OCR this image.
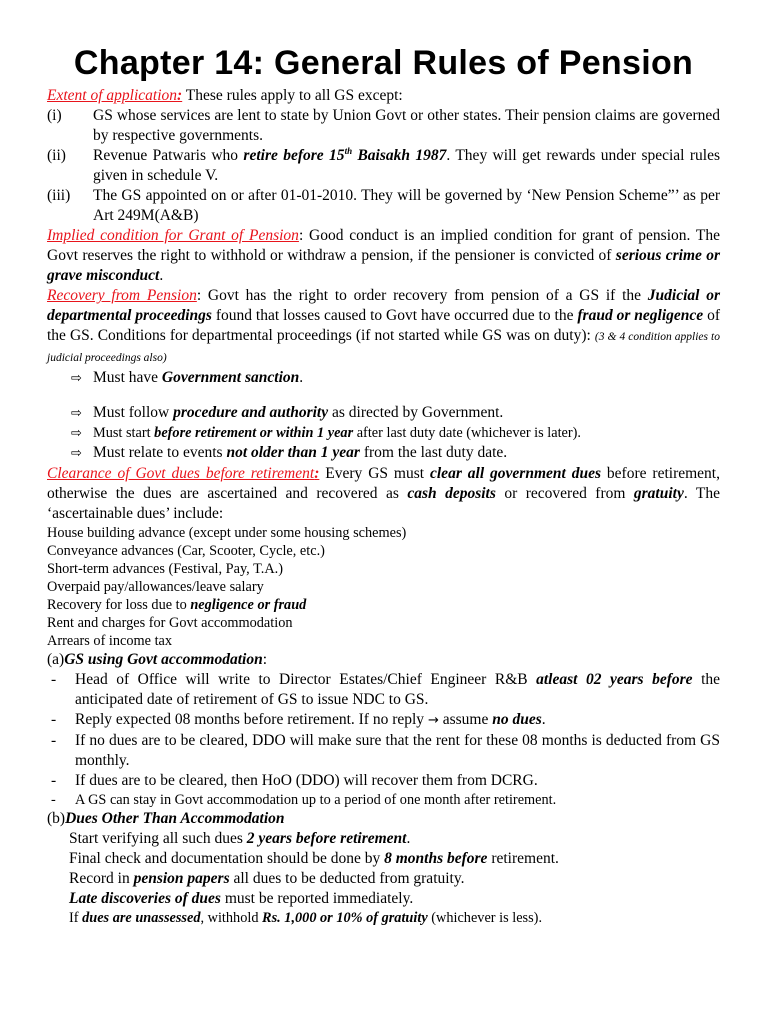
Chapter 14: General Rules of Pension
Extent of application: These rules apply to all GS except:
(i)	GS whose services are lent to state by Union Govt or other states. Their pension claims are governed by respective governments.
(ii)	Revenue Patwaris who retire before 15th Baisakh 1987. They will get rewards under special rules given in schedule V.
(iii)	The GS appointed on or after 01-01-2010. They will be governed by ‘New Pension Scheme”’ as per Art 249M(A&B)
Implied condition for Grant of Pension: Good conduct is an implied condition for grant of pension. The Govt reserves the right to withhold or withdraw a pension, if the pensioner is convicted of serious crime or grave misconduct.
Recovery from Pension: Govt has the right to order recovery from pension of a GS if the Judicial or departmental proceedings found that losses caused to Govt have occurred due to the fraud or negligence of the GS. Conditions for departmental proceedings (if not started while GS was on duty): (3 & 4 condition applies to judicial proceedings also)
⇨ Must have Government sanction.
⇨ Must follow procedure and authority as directed by Government.
⇨ Must start before retirement or within 1 year after last duty date (whichever is later).
⇨ Must relate to events not older than 1 year from the last duty date.
Clearance of Govt dues before retirement: Every GS must clear all government dues before retirement, otherwise the dues are ascertained and recovered as cash deposits or recovered from gratuity. The ‘ascertainable dues’ include:
House building advance (except under some housing schemes)
Conveyance advances (Car, Scooter, Cycle, etc.)
Short-term advances (Festival, Pay, T.A.)
Overpaid pay/allowances/leave salary
Recovery for loss due to negligence or fraud
Rent and charges for Govt accommodation
Arrears of income tax
(a)GS using Govt accommodation:
-	Head of Office will write to Director Estates/Chief Engineer R&B atleast 02 years before the anticipated date of retirement of GS to issue NDC to GS.
-	Reply expected 08 months before retirement. If no reply → assume no dues.
-	If no dues are to be cleared, DDO will make sure that the rent for these 08 months is deducted from GS monthly.
-	If dues are to be cleared, then HoO (DDO) will recover them from DCRG.
-	A GS can stay in Govt accommodation up to a period of one month after retirement.
(b)Dues Other Than Accommodation
Start verifying all such dues 2 years before retirement.
Final check and documentation should be done by 8 months before retirement.
Record in pension papers all dues to be deducted from gratuity.
Late discoveries of dues must be reported immediately.
If dues are unassessed, withhold Rs. 1,000 or 10% of gratuity (whichever is less).
